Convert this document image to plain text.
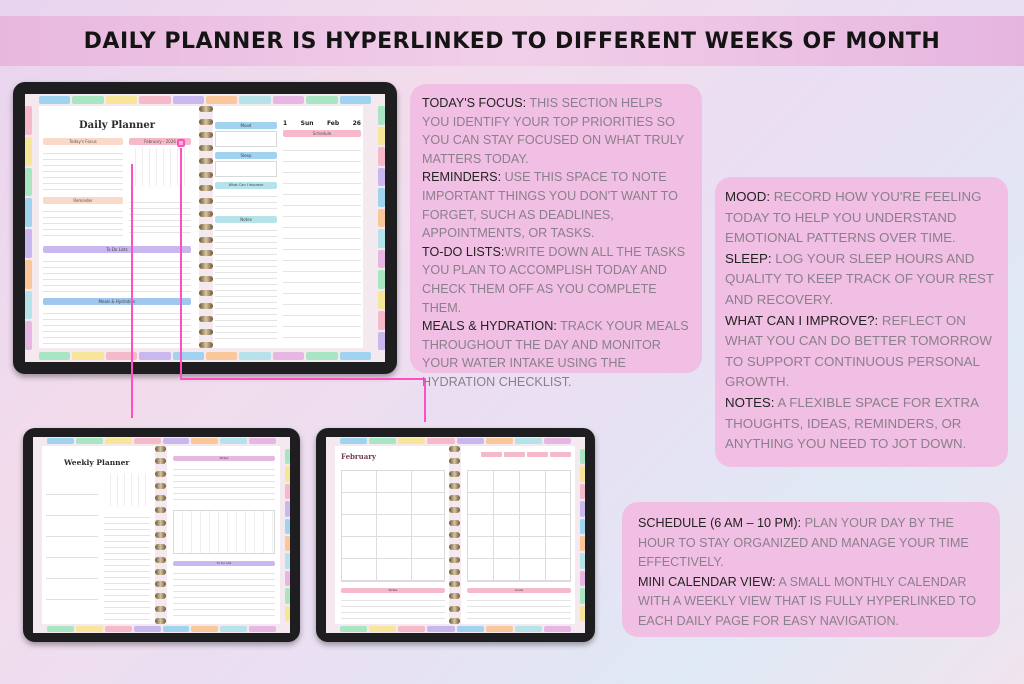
DAILY PLANNER IS HYPERLINKED TO DIFFERENT WEEKS OF MONTH
Daily Planner
Today's Focus	February - 2026
Reminder
To Do Lists
Meals & Hydration
Mood
Sleep
What Can I Improve
Notes
1 Sun Feb 26
Schedule
Weekly Planner	Notes
To Do List
February
Notes	Goals

TODAY'S FOCUS: THIS SECTION HELPS YOU IDENTIFY YOUR TOP PRIORITIES SO YOU CAN STAY FOCUSED ON WHAT TRULY MATTERS TODAY.

REMINDERS: USE THIS SPACE TO NOTE IMPORTANT THINGS YOU DON'T WANT TO FORGET, SUCH AS DEADLINES, APPOINTMENTS, OR TASKS.

TO-DO LISTS:WRITE DOWN ALL THE TASKS YOU PLAN TO ACCOMPLISH TODAY AND CHECK THEM OFF AS YOU COMPLETE THEM.

MEALS & HYDRATION: TRACK YOUR MEALS THROUGHOUT THE DAY AND MONITOR YOUR WATER INTAKE USING THE HYDRATION CHECKLIST.

MOOD: RECORD HOW YOU'RE FEELING TODAY TO HELP YOU UNDERSTAND EMOTIONAL PATTERNS OVER TIME.

SLEEP: LOG YOUR SLEEP HOURS AND QUALITY TO KEEP TRACK OF YOUR REST AND RECOVERY.

WHAT CAN I IMPROVE?: REFLECT ON WHAT YOU CAN DO BETTER TOMORROW TO SUPPORT CONTINUOUS PERSONAL GROWTH.

NOTES: A FLEXIBLE SPACE FOR EXTRA THOUGHTS, IDEAS, REMINDERS, OR ANYTHING YOU NEED TO JOT DOWN.

SCHEDULE (6 AM – 10 PM): PLAN YOUR DAY BY THE HOUR TO STAY ORGANIZED AND MANAGE YOUR TIME EFFECTIVELY.

MINI CALENDAR VIEW: A SMALL MONTHLY CALENDAR WITH A WEEKLY VIEW THAT IS FULLY HYPERLINKED TO EACH DAILY PAGE FOR EASY NAVIGATION.
